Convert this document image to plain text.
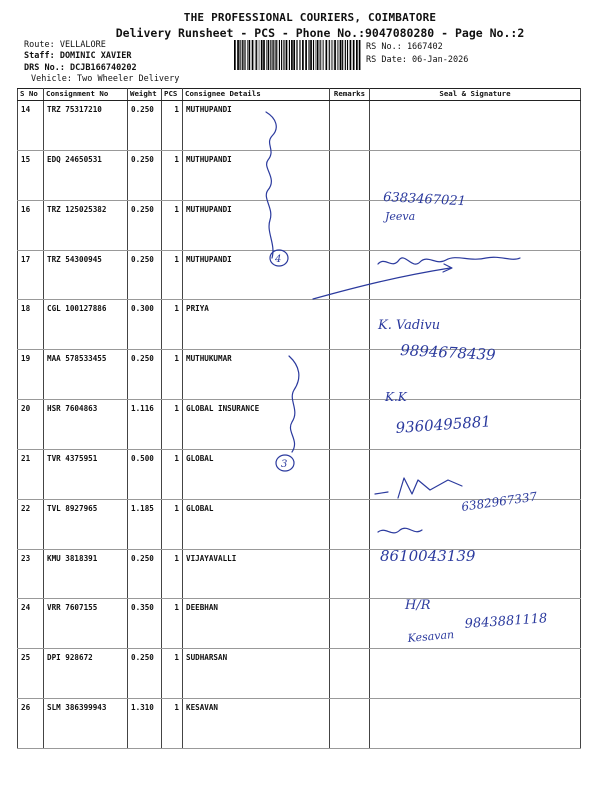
THE PROFESSIONAL COURIERS, COIMBATORE
Delivery Runsheet - PCS - Phone No.:9047080280 - Page No.:2
Route: VELLALORE
Staff: DOMINIC XAVIER
DRS No.: DCJB166740202
Vehicle: Two Wheeler Delivery
RS No.: 1667402
RS Date: 06-Jan-2026
S No	Consignment No	Weight	PCS	Consignee Details	Remarks	Seal & Signature
14	TRZ 75317210	0.250	1	MUTHUPANDI		
15	EDQ 24650531	0.250	1	MUTHUPANDI		
16	TRZ 125025382	0.250	1	MUTHUPANDI		
17	TRZ 54300945	0.250	1	MUTHUPANDI		
18	CGL 100127886	0.300	1	PRIYA		
19	MAA 578533455	0.250	1	MUTHUKUMAR		
20	HSR 7604863	1.116	1	GLOBAL INSURANCE		
21	TVR 4375951	0.500	1	GLOBAL		
22	TVL 8927965	1.185	1	GLOBAL		
23	KMU 3818391	0.250	1	VIJAYAVALLI		
24	VRR 7607155	0.350	1	DEEBHAN		
25	DPI 928672	0.250	1	SUDHARSAN		
26	SLM 386399943	1.310	1	KESAVAN		
4
3
6383467021
Jeeva
K. Vadivu
9894678439
K.K
9360495881
6382967337
8610043139
H/R
9843881118
Kesavan
